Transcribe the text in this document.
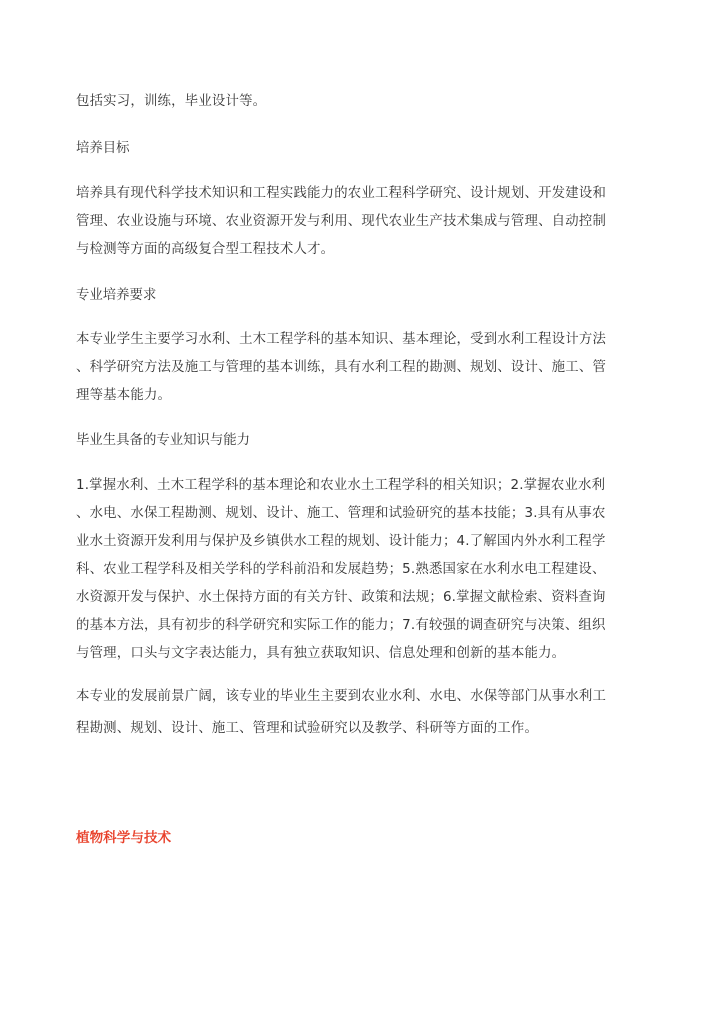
包括实习，训练，毕业设计等。
培养目标
培养具有现代科学技术知识和工程实践能力的农业工程科学研究、设计规划、开发建设和
管理、农业设施与环境、农业资源开发与利用、现代农业生产技术集成与管理、自动控制
与检测等方面的高级复合型工程技术人才。
专业培养要求
本专业学生主要学习水利、土木工程学科的基本知识、基本理论，受到水利工程设计方法
、科学研究方法及施工与管理的基本训练，具有水利工程的勘测、规划、设计、施工、管
理等基本能力。
毕业生具备的专业知识与能力
1.掌握水利、土木工程学科的基本理论和农业水土工程学科的相关知识；2.掌握农业水利
、水电、水保工程勘测、规划、设计、施工、管理和试验研究的基本技能；3.具有从事农
业水土资源开发利用与保护及乡镇供水工程的规划、设计能力；4.了解国内外水利工程学
科、农业工程学科及相关学科的学科前沿和发展趋势；5.熟悉国家在水利水电工程建设、
水资源开发与保护、水土保持方面的有关方针、政策和法规；6.掌握文献检索、资料查询
的基本方法，具有初步的科学研究和实际工作的能力；7.有较强的调查研究与决策、组织
与管理，口头与文字表达能力，具有独立获取知识、信息处理和创新的基本能力。
本专业的发展前景广阔，该专业的毕业生主要到农业水利、水电、水保等部门从事水利工
程勘测、规划、设计、施工、管理和试验研究以及教学、科研等方面的工作。
植物科学与技术
